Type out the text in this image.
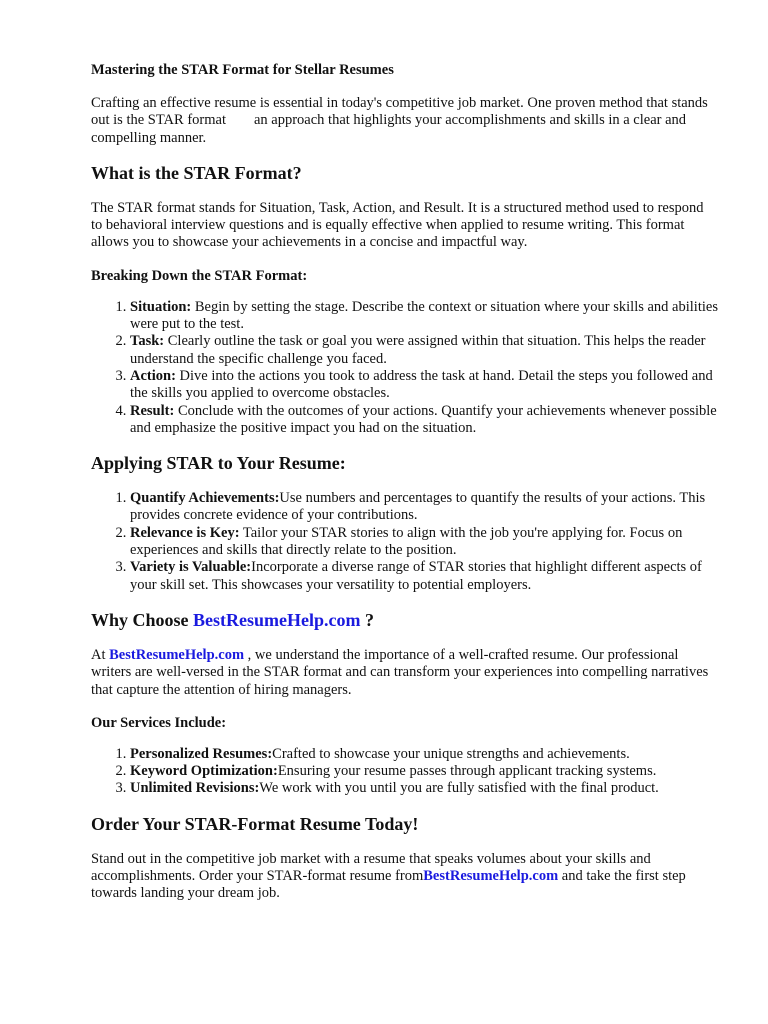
Mastering the STAR Format for Stellar Resumes

Crafting an effective resume is essential in today's competitive job market. One proven method that stands out is the STAR format an approach that highlights your accomplishments and skills in a clear and compelling manner.

What is the STAR Format?

The STAR format stands for Situation, Task, Action, and Result. It is a structured method used to respond to behavioral interview questions and is equally effective when applied to resume writing. This format allows you to showcase your achievements in a concise and impactful way.

Breaking Down the STAR Format:
1. Situation: Begin by setting the stage. Describe the context or situation where your skills and abilities were put to the test.
2. Task: Clearly outline the task or goal you were assigned within that situation. This helps the reader understand the specific challenge you faced.
3. Action: Dive into the actions you took to address the task at hand. Detail the steps you followed and the skills you applied to overcome obstacles.
4. Result: Conclude with the outcomes of your actions. Quantify your achievements whenever possible and emphasize the positive impact you had on the situation.
Applying STAR to Your Resume:
1. Quantify Achievements:Use numbers and percentages to quantify the results of your actions. This provides concrete evidence of your contributions.
2. Relevance is Key: Tailor your STAR stories to align with the job you're applying for. Focus on experiences and skills that directly relate to the position.
3. Variety is Valuable:Incorporate a diverse range of STAR stories that highlight different aspects of your skill set. This showcases your versatility to potential employers.
Why Choose BestResumeHelp.com ?

At BestResumeHelp.com , we understand the importance of a well-crafted resume. Our professional writers are well-versed in the STAR format and can transform your experiences into compelling narratives that capture the attention of hiring managers.

Our Services Include:
1. Personalized Resumes:Crafted to showcase your unique strengths and achievements.
2. Keyword Optimization:Ensuring your resume passes through applicant tracking systems.
3. Unlimited Revisions:We work with you until you are fully satisfied with the final product.
Order Your STAR-Format Resume Today!

Stand out in the competitive job market with a resume that speaks volumes about your skills and accomplishments. Order your STAR-format resume fromBestResumeHelp.com and take the first step towards landing your dream job.
